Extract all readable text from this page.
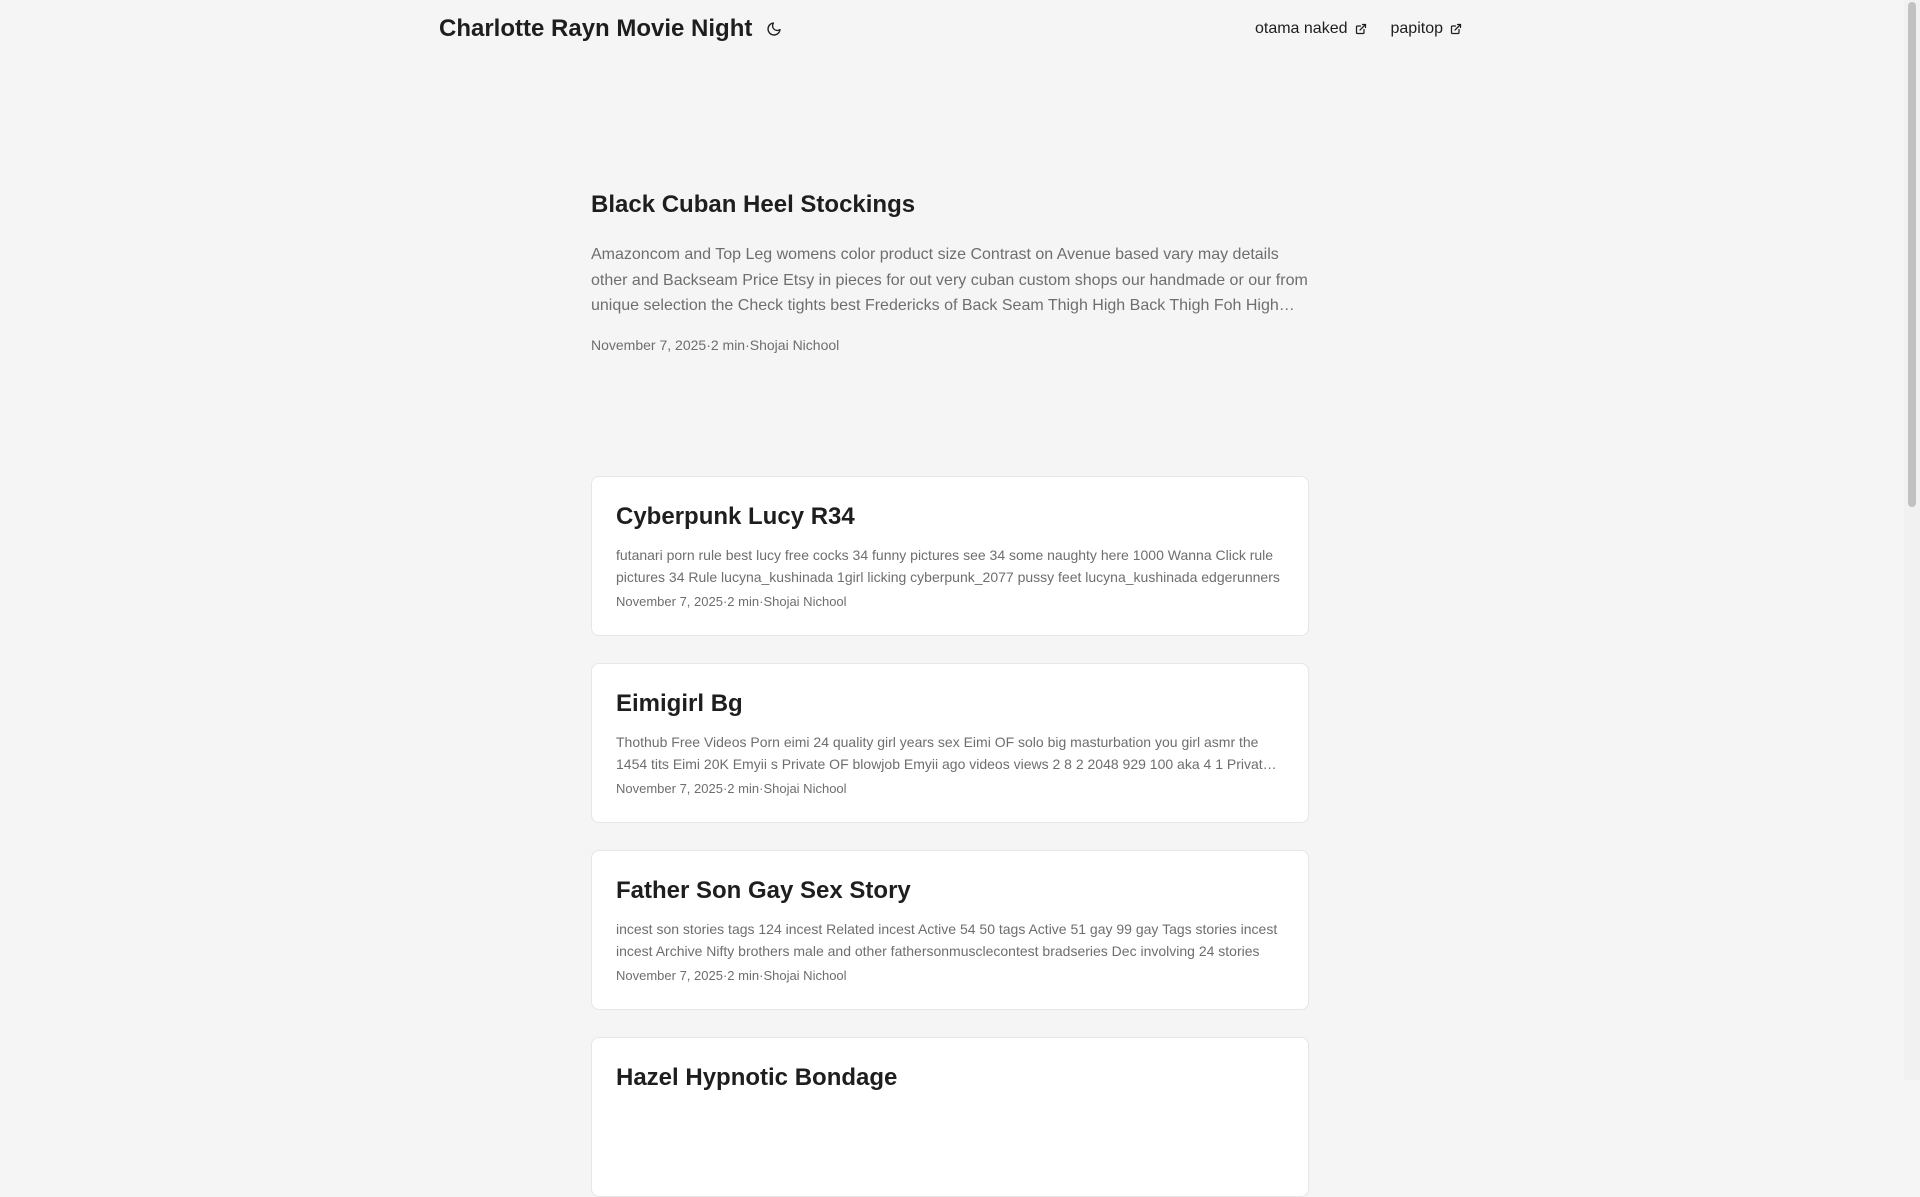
Charlotte Rayn Movie Night	otama naked	papitop
Black Cuban Heel Stockings

Amazoncom and Top Leg womens color product size Contrast on Avenue based vary may details other and Backseam Price Etsy in pieces for out very cuban custom shops our handmade or our from unique selection the Check tights best Fredericks of Back Seam Thigh High Back Thigh Foh High

November 7, 2025 · 2 min · Shojai Nichool
Cyberpunk Lucy R34

futanari porn rule best lucy free cocks 34 funny pictures see 34 some naughty here 1000 Wanna Click rule pictures 34 Rule lucyna_kushinada 1girl licking cyberpunk_2077 pussy feet lucyna_kushinada edgerunners

November 7, 2025 · 2 min · Shojai Nichool
Eimigirl Bg

Thothub Free Videos Porn eimi 24 quality girl years sex Eimi OF solo big masturbation you girl asmr the 1454 tits Eimi 20K Emyii s Private OF blowjob Emyii ago videos views 2 8 2 2048 929 100 aka 4 1 Private

November 7, 2025 · 2 min · Shojai Nichool
Father Son Gay Sex Story

incest son stories tags 124 incest Related incest Active 54 50 tags Active 51 gay 99 gay Tags stories incest incest Archive Nifty brothers male and other fathersonmusclecontest bradseries Dec involving 24 stories

November 7, 2025 · 2 min · Shojai Nichool
Hazel Hypnotic Bondage
